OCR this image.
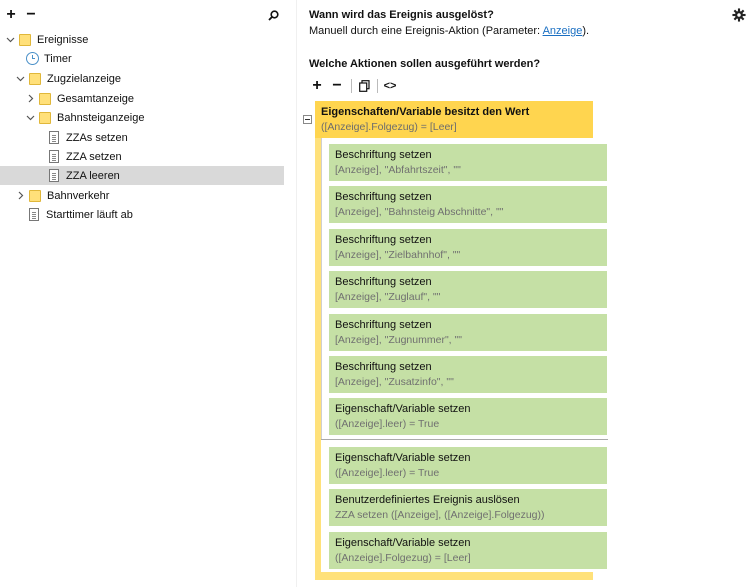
+ −
Ereignisse
Timer
Zugzielanzeige
Gesamtanzeige
Bahnsteiganzeige
ZZAs setzen
ZZA setzen
ZZA leeren
Bahnverkehr
Starttimer läuft ab
Wann wird das Ereignis ausgelöst?
Manuell durch eine Ereignis-Aktion (Parameter: Anzeige).
Welche Aktionen sollen ausgeführt werden?
+ −	<>
Eigenschaften/Variable besitzt den Wert
([Anzeige].Folgezug) = [Leer]
Beschriftung setzen
[Anzeige], "Abfahrtszeit", ""
Beschriftung setzen
[Anzeige], "Bahnsteig Abschnitte", ""
Beschriftung setzen
[Anzeige], "Zielbahnhof", ""
Beschriftung setzen
[Anzeige], "Zuglauf", ""
Beschriftung setzen
[Anzeige], "Zugnummer", ""
Beschriftung setzen
[Anzeige], "Zusatzinfo", ""
Eigenschaft/Variable setzen
([Anzeige].leer) = True
Eigenschaft/Variable setzen
([Anzeige].leer) = True
Benutzerdefiniertes Ereignis auslösen
ZZA setzen ([Anzeige], ([Anzeige].Folgezug))
Eigenschaft/Variable setzen
([Anzeige].Folgezug) = [Leer]
